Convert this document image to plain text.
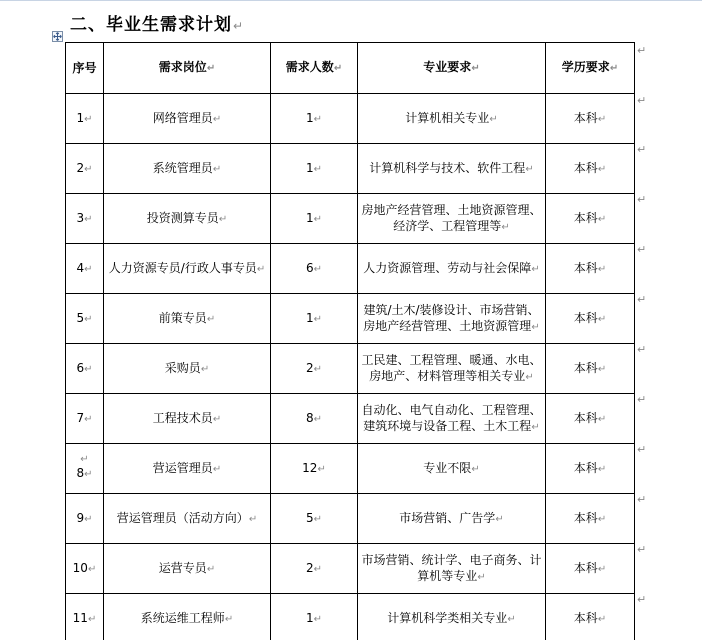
二、毕业生需求计划↵
序号	需求岗位↵	需求人数↵	专业要求↵	学历要求↵
1↵	网络管理员↵	1↵	计算机相关专业↵	本科↵
2↵	系统管理员↵	1↵	计算机科学与技术、软件工程↵	本科↵
3↵	投资测算专员↵	1↵	房地产经营管理、土地资源管理、经济学、工程管理等↵	本科↵
4↵	人力资源专员/行政人事专员↵	6↵	人力资源管理、劳动与社会保障↵	本科↵
5↵	前策专员↵	1↵	建筑/土木/装修设计、市场营销、房地产经营管理、土地资源管理↵	本科↵
6↵	采购员↵	2↵	工民建、工程管理、暖通、水电、房地产、材料管理等相关专业↵	本科↵
7↵	工程技术员↵	8↵	自动化、电气自动化、工程管理、建筑环境与设备工程、土木工程↵	本科↵

↵
8↵	营运管理员↵	12↵	专业不限↵	本科↵
9↵	营运管理员（活动方向）↵	5↵	市场营销、广告学↵	本科↵
10↵	运营专员↵	2↵	市场营销、统计学、电子商务、计算机等专业↵	本科↵
11↵	系统运维工程师↵	1↵	计算机科学类相关专业↵	本科↵
↵
↵
↵
↵
↵
↵
↵
↵
↵
↵
↵
↵
